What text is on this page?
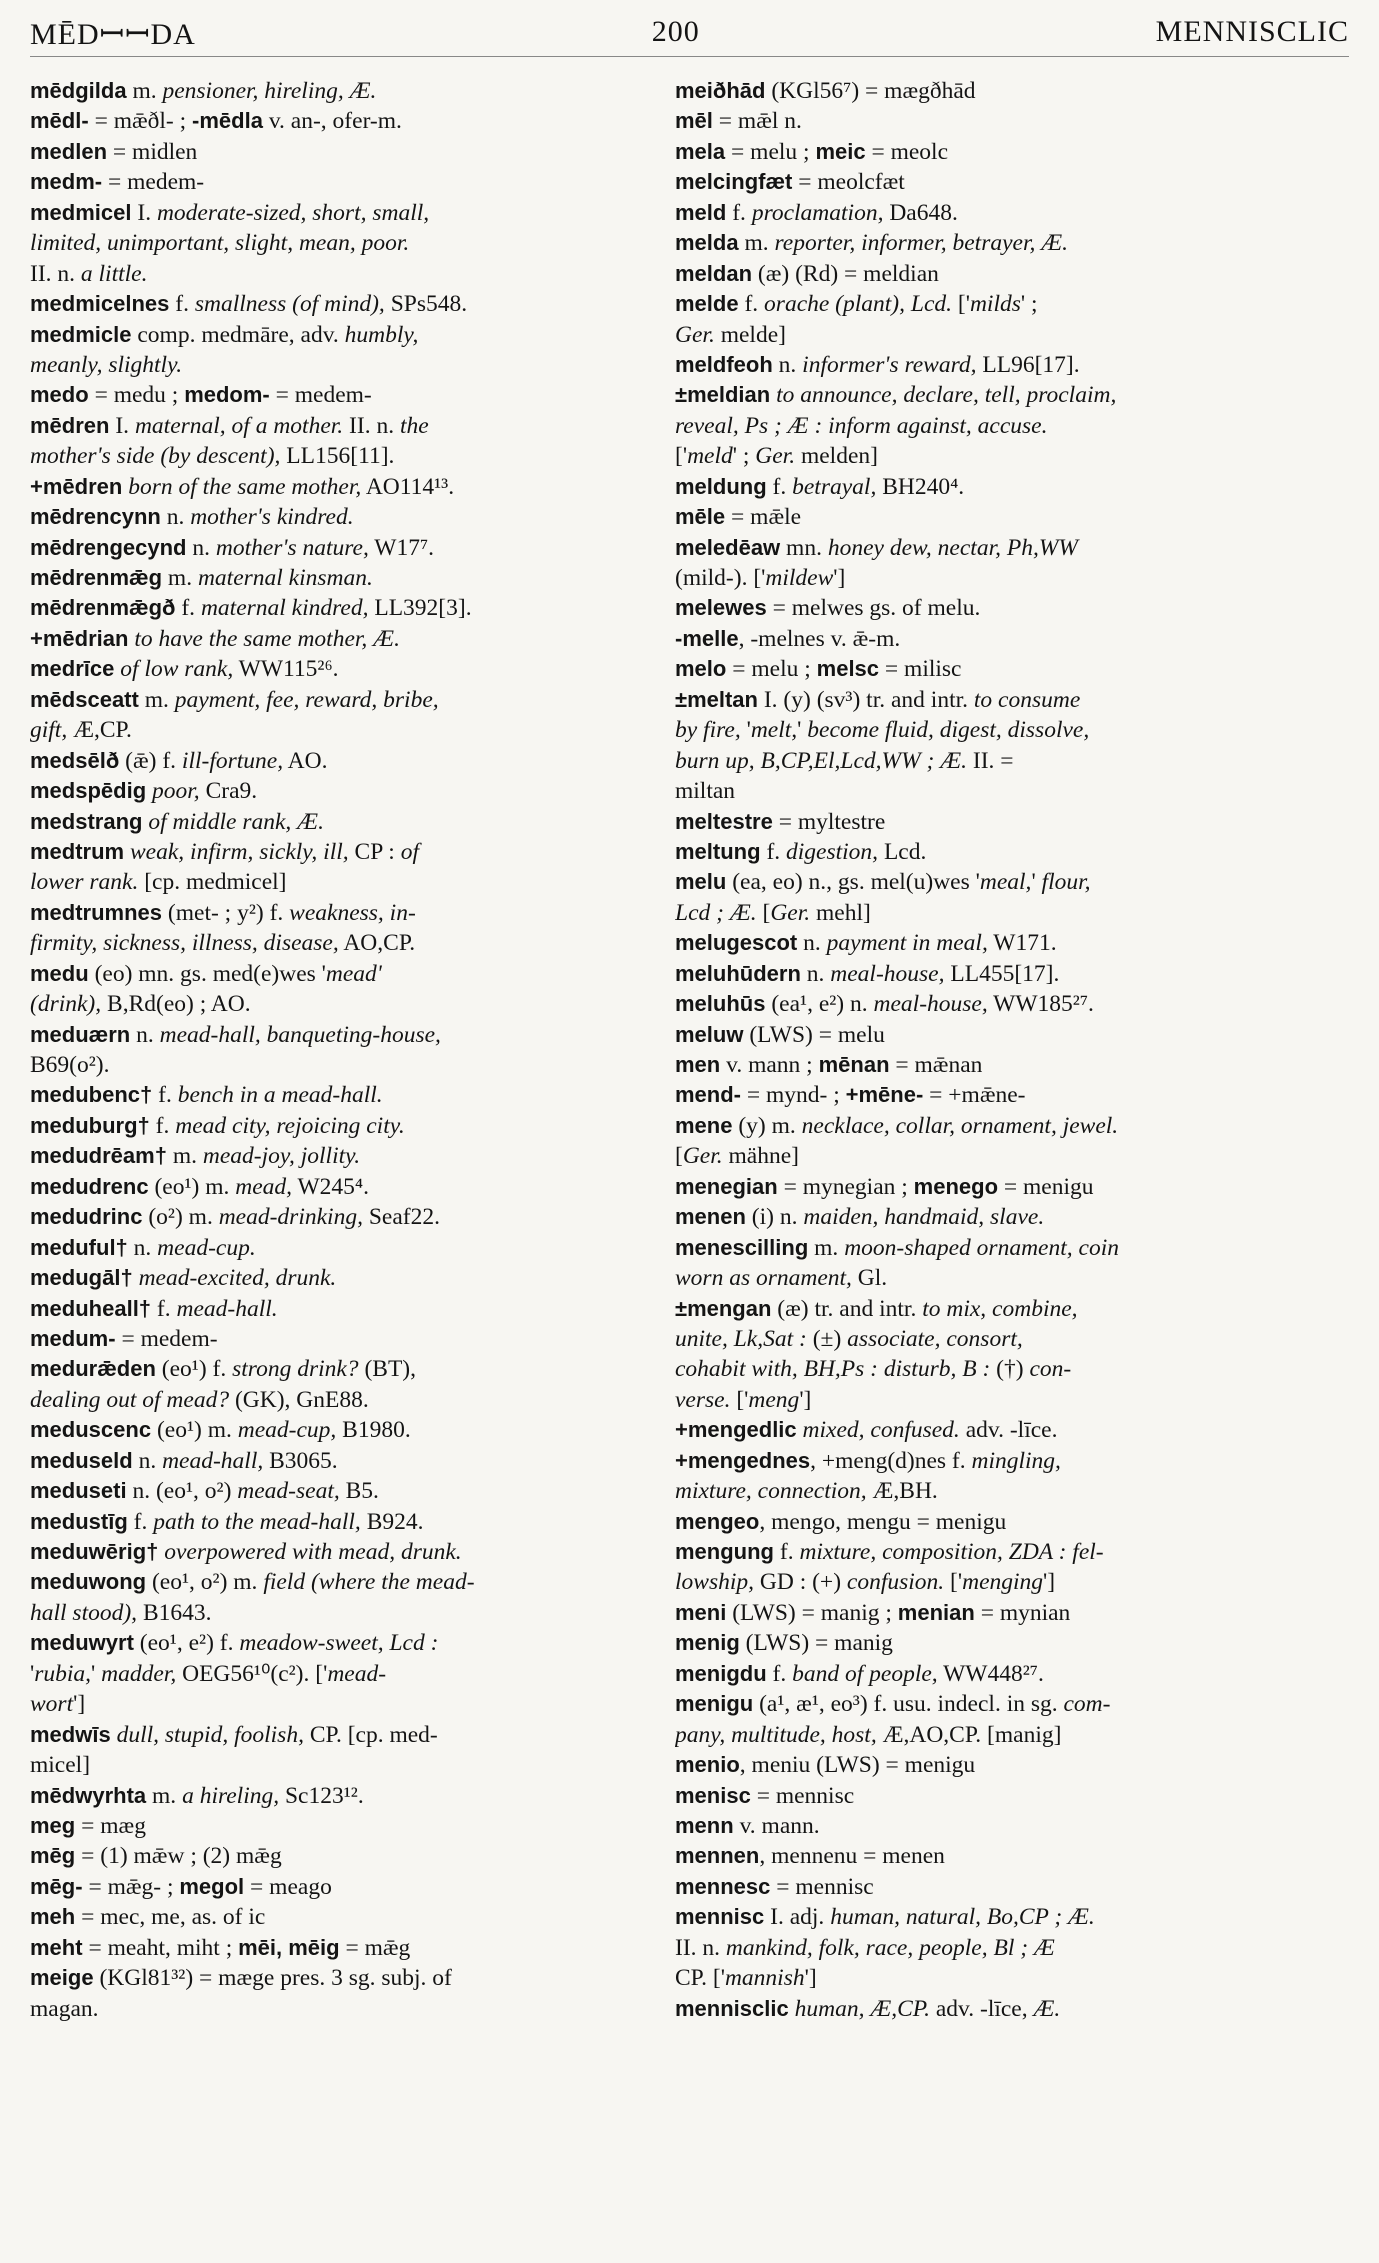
MĒDꟷꟷDA	200	MENNISCLIC
mēdgilda m. pensioner, hireling, Æ.
mēdl- = mǣðl- ; -mēdla v. an-, ofer-m.
medlen = midlen
medm- = medem-
medmicel I. moderate-sized, short, small,
limited, unimportant, slight, mean, poor.
II. n. a little.
medmicelnes f. smallness (of mind), SPs548.
medmicle comp. medmāre, adv. humbly,
meanly, slightly.
medo = medu ; medom- = medem-
mēdren I. maternal, of a mother. II. n. the
mother's side (by descent), LL156[11].
+mēdren born of the same mother, AO114¹³.
mēdrencynn n. mother's kindred.
mēdrengecynd n. mother's nature, W17⁷.
mēdrenmǣg m. maternal kinsman.
mēdrenmǣgð f. maternal kindred, LL392[3].
+mēdrian to have the same mother, Æ.
medrīce of low rank, WW115²⁶.
mēdsceatt m. payment, fee, reward, bribe,
gift, Æ,CP.
medsēlð (ǣ) f. ill-fortune, AO.
medspēdig poor, Cra9.
medstrang of middle rank, Æ.
medtrum weak, infirm, sickly, ill, CP : of
lower rank. [cp. medmicel]
medtrumnes (met- ; y²) f. weakness, in-
firmity, sickness, illness, disease, AO,CP.
medu (eo) mn. gs. med(e)wes 'mead'
(drink), B,Rd(eo) ; AO.
meduærn n. mead-hall, banqueting-house,
B69(o²).
medubenc† f. bench in a mead-hall.
meduburg† f. mead city, rejoicing city.
medudrēam† m. mead-joy, jollity.
medudrenc (eo¹) m. mead, W245⁴.
medudrinc (o²) m. mead-drinking, Seaf22.
meduful† n. mead-cup.
medugāl† mead-excited, drunk.
meduheall† f. mead-hall.
medum- = medem-
medurǣden (eo¹) f. strong drink? (BT),
dealing out of mead? (GK), GnE88.
meduscenc (eo¹) m. mead-cup, B1980.
meduseld n. mead-hall, B3065.
meduseti n. (eo¹, o²) mead-seat, B5.
medustīg f. path to the mead-hall, B924.
meduwērig† overpowered with mead, drunk.
meduwong (eo¹, o²) m. field (where the mead-
hall stood), B1643.
meduwyrt (eo¹, e²) f. meadow-sweet, Lcd :
'rubia,' madder, OEG56¹⁰(c²). ['mead-
wort']
medwīs dull, stupid, foolish, CP. [cp. med-
micel]
mēdwyrhta m. a hireling, Sc123¹².
meg = mæg
mēg = (1) mǣw ; (2) mǣg
mēg- = mǣg- ; megol = meago
meh = mec, me, as. of ic
meht = meaht, miht ; mēi, mēig = mǣg
meige (KGl81³²) = mæge pres. 3 sg. subj. of
magan.
meiðhād (KGl56⁷) = mægðhād
mēl = mǣl n.
mela = melu ; meic = meolc
melcingfæt = meolcfæt
meld f. proclamation, Da648.
melda m. reporter, informer, betrayer, Æ.
meldan (æ) (Rd) = meldian
melde f. orache (plant), Lcd. ['milds' ;
Ger. melde]
meldfeoh n. informer's reward, LL96[17].
±meldian to announce, declare, tell, proclaim,
reveal, Ps ; Æ : inform against, accuse.
['meld' ; Ger. melden]
meldung f. betrayal, BH240⁴.
mēle = mǣle
meledēaw mn. honey dew, nectar, Ph,WW
(mild-). ['mildew']
melewes = melwes gs. of melu.
-melle, -melnes v. ǣ-m.
melo = melu ; melsc = milisc
±meltan I. (y) (sv³) tr. and intr. to consume
by fire, 'melt,' become fluid, digest, dissolve,
burn up, B,CP,El,Lcd,WW ; Æ. II. =
miltan
meltestre = myltestre
meltung f. digestion, Lcd.
melu (ea, eo) n., gs. mel(u)wes 'meal,' flour,
Lcd ; Æ. [Ger. mehl]
melugescot n. payment in meal, W171.
meluhūdern n. meal-house, LL455[17].
meluhūs (ea¹, e²) n. meal-house, WW185²⁷.
meluw (LWS) = melu
men v. mann ; mēnan = mǣnan
mend- = mynd- ; +mēne- = +mǣne-
mene (y) m. necklace, collar, ornament, jewel.
[Ger. mähne]
menegian = mynegian ; menego = menigu
menen (i) n. maiden, handmaid, slave.
menescilling m. moon-shaped ornament, coin
worn as ornament, Gl.
±mengan (æ) tr. and intr. to mix, combine,
unite, Lk,Sat : (±) associate, consort,
cohabit with, BH,Ps : disturb, B : (†) con-
verse. ['meng']
+mengedlic mixed, confused. adv. -līce.
+mengednes, +meng(d)nes f. mingling,
mixture, connection, Æ,BH.
mengeo, mengo, mengu = menigu
mengung f. mixture, composition, ZDA : fel-
lowship, GD : (+) confusion. ['menging']
meni (LWS) = manig ; menian = mynian
menig (LWS) = manig
menigdu f. band of people, WW448²⁷.
menigu (a¹, æ¹, eo³) f. usu. indecl. in sg. com-
pany, multitude, host, Æ,AO,CP. [manig]
menio, meniu (LWS) = menigu
menisc = mennisc
menn v. mann.
mennen, mennenu = menen
mennesc = mennisc
mennisc I. adj. human, natural, Bo,CP ; Æ.
II. n. mankind, folk, race, people, Bl ; Æ
CP. ['mannish']
mennisclic human, Æ,CP. adv. -līce, Æ.
